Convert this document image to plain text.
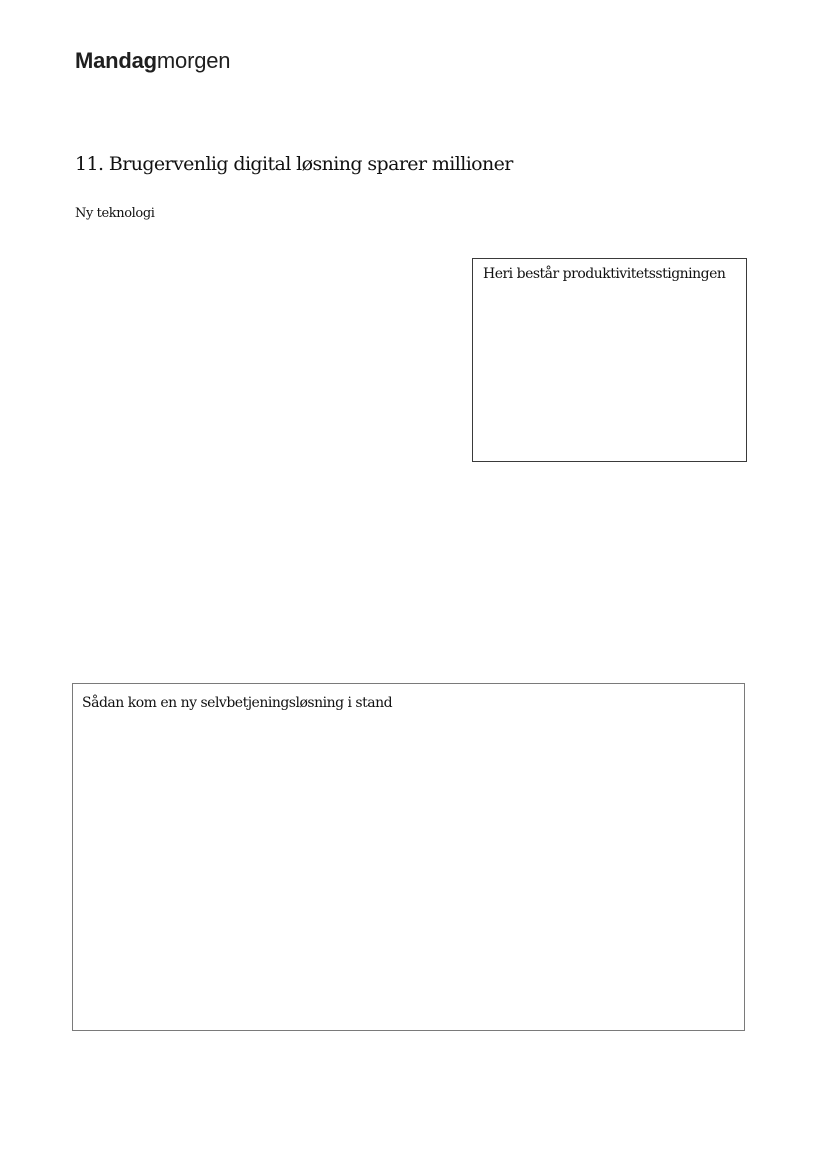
Mandagmorgen
11. Brugervenlig digital løsning sparer millioner
Ny teknologi
Heri består produktivitetsstigningen
Sådan kom en ny selvbetjeningsløsning i stand
